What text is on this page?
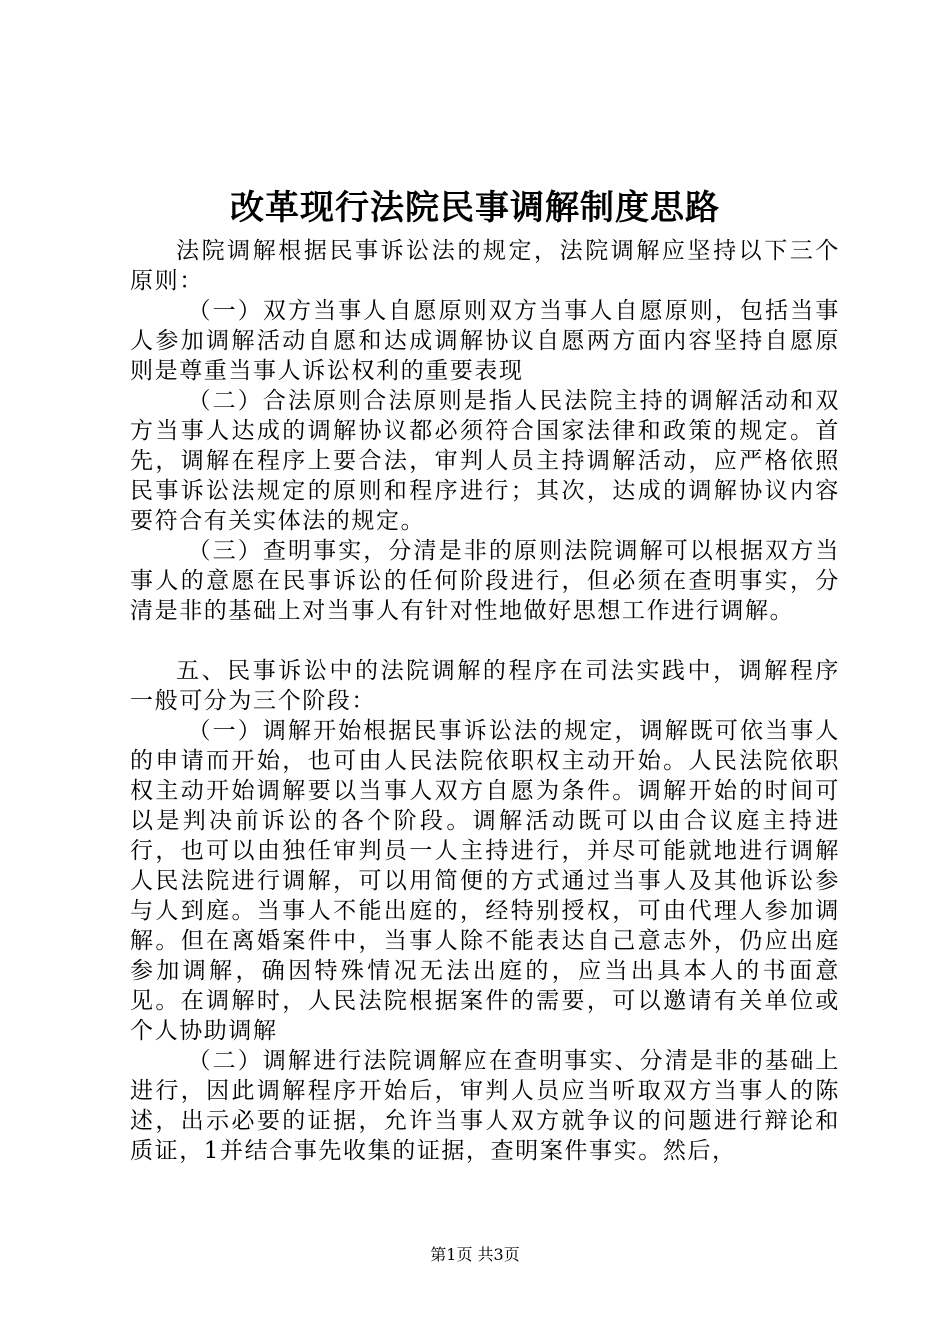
改革现行法院民事调解制度思路

法院调解根据民事诉讼法的规定，法院调解应坚持以下三个原则：

（一）双方当事人自愿原则双方当事人自愿原则，包括当事人参加调解活动自愿和达成调解协议自愿两方面内容坚持自愿原则是尊重当事人诉讼权利的重要表现

（二）合法原则合法原则是指人民法院主持的调解活动和双方当事人达成的调解协议都必须符合国家法律和政策的规定。首先，调解在程序上要合法，审判人员主持调解活动，应严格依照民事诉讼法规定的原则和程序进行；其次，达成的调解协议内容要符合有关实体法的规定。

（三）查明事实，分清是非的原则法院调解可以根据双方当事人的意愿在民事诉讼的任何阶段进行，但必须在查明事实，分清是非的基础上对当事人有针对性地做好思想工作进行调解。

五、民事诉讼中的法院调解的程序在司法实践中，调解程序一般可分为三个阶段：

（一）调解开始根据民事诉讼法的规定，调解既可依当事人的申请而开始，也可由人民法院依职权主动开始。人民法院依职权主动开始调解要以当事人双方自愿为条件。调解开始的时间可以是判决前诉讼的各个阶段。调解活动既可以由合议庭主持进行，也可以由独任审判员一人主持进行，并尽可能就地进行调解人民法院进行调解，可以用简便的方式通过当事人及其他诉讼参与人到庭。当事人不能出庭的，经特别授权，可由代理人参加调解。但在离婚案件中，当事人除不能表达自己意志外，仍应出庭参加调解，确因特殊情况无法出庭的，应当出具本人的书面意见。在调解时，人民法院根据案件的需要，可以邀请有关单位或个人协助调解

（二）调解进行法院调解应在查明事实、分清是非的基础上进行，因此调解程序开始后，审判人员应当听取双方当事人的陈述，出示必要的证据，允许当事人双方就争议的问题进行辩论和质证，1并结合事先收集的证据，查明案件事实。然后，

第1页 共3页
